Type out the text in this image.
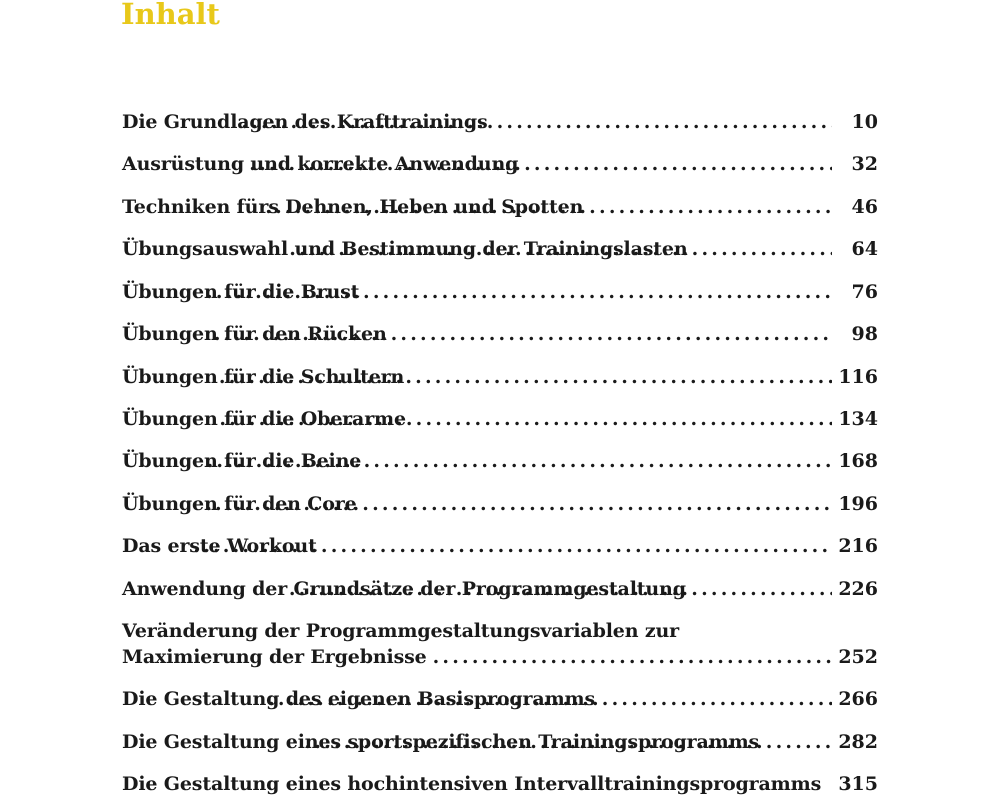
Inhalt
Die Grundlagen des Krafttrainings .....	10
Ausrüstung und korrekte Anwendung .....	32
Techniken fürs Dehnen, Heben und Spotten .....	46
Übungsauswahl und Bestimmung der Trainingslasten .....	64
Übungen für die Brust .....	76
Übungen für den Rücken .....	98
Übungen für die Schultern .....	116
Übungen für die Oberarme .....	134
Übungen für die Beine .....	168
Übungen für den Core .....	196
Das erste Workout .....	216
Anwendung der Grundsätze der Programmgestaltung .....	226
Veränderung der Programmgestaltungsvariablen zur
Maximierung der Ergebnisse .....	252
Die Gestaltung des eigenen Basisprogramms .....	266
Die Gestaltung eines sportspezifischen Trainingsprogramms .....	282
Die Gestaltung eines hochintensiven Intervalltrainingsprogramms 315
